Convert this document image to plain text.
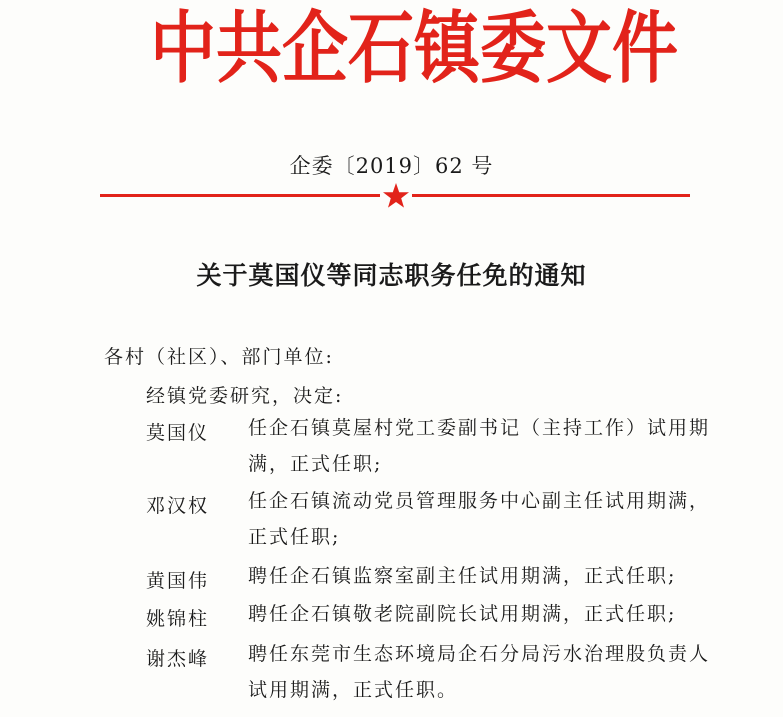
中 共 企 石 镇 委 文 件
企委〔2019〕62 号
关于莫国仪等同志职务任免的通知
各村（社区）、部门单位:
经镇党委研究，决定:
莫国仪 任企石镇莫屋村党工委副书记（主持工作）试用期满，正式任职;
邓汉权 任企石镇流动党员管理服务中心副主任试用期满，正式任职;
黄国伟 聘任企石镇监察室副主任试用期满，正式任职;
姚锦柱 聘任企石镇敬老院副院长试用期满，正式任职;
谢杰峰 聘任东莞市生态环境局企石分局污水治理股负责人试用期满，正式任职。
